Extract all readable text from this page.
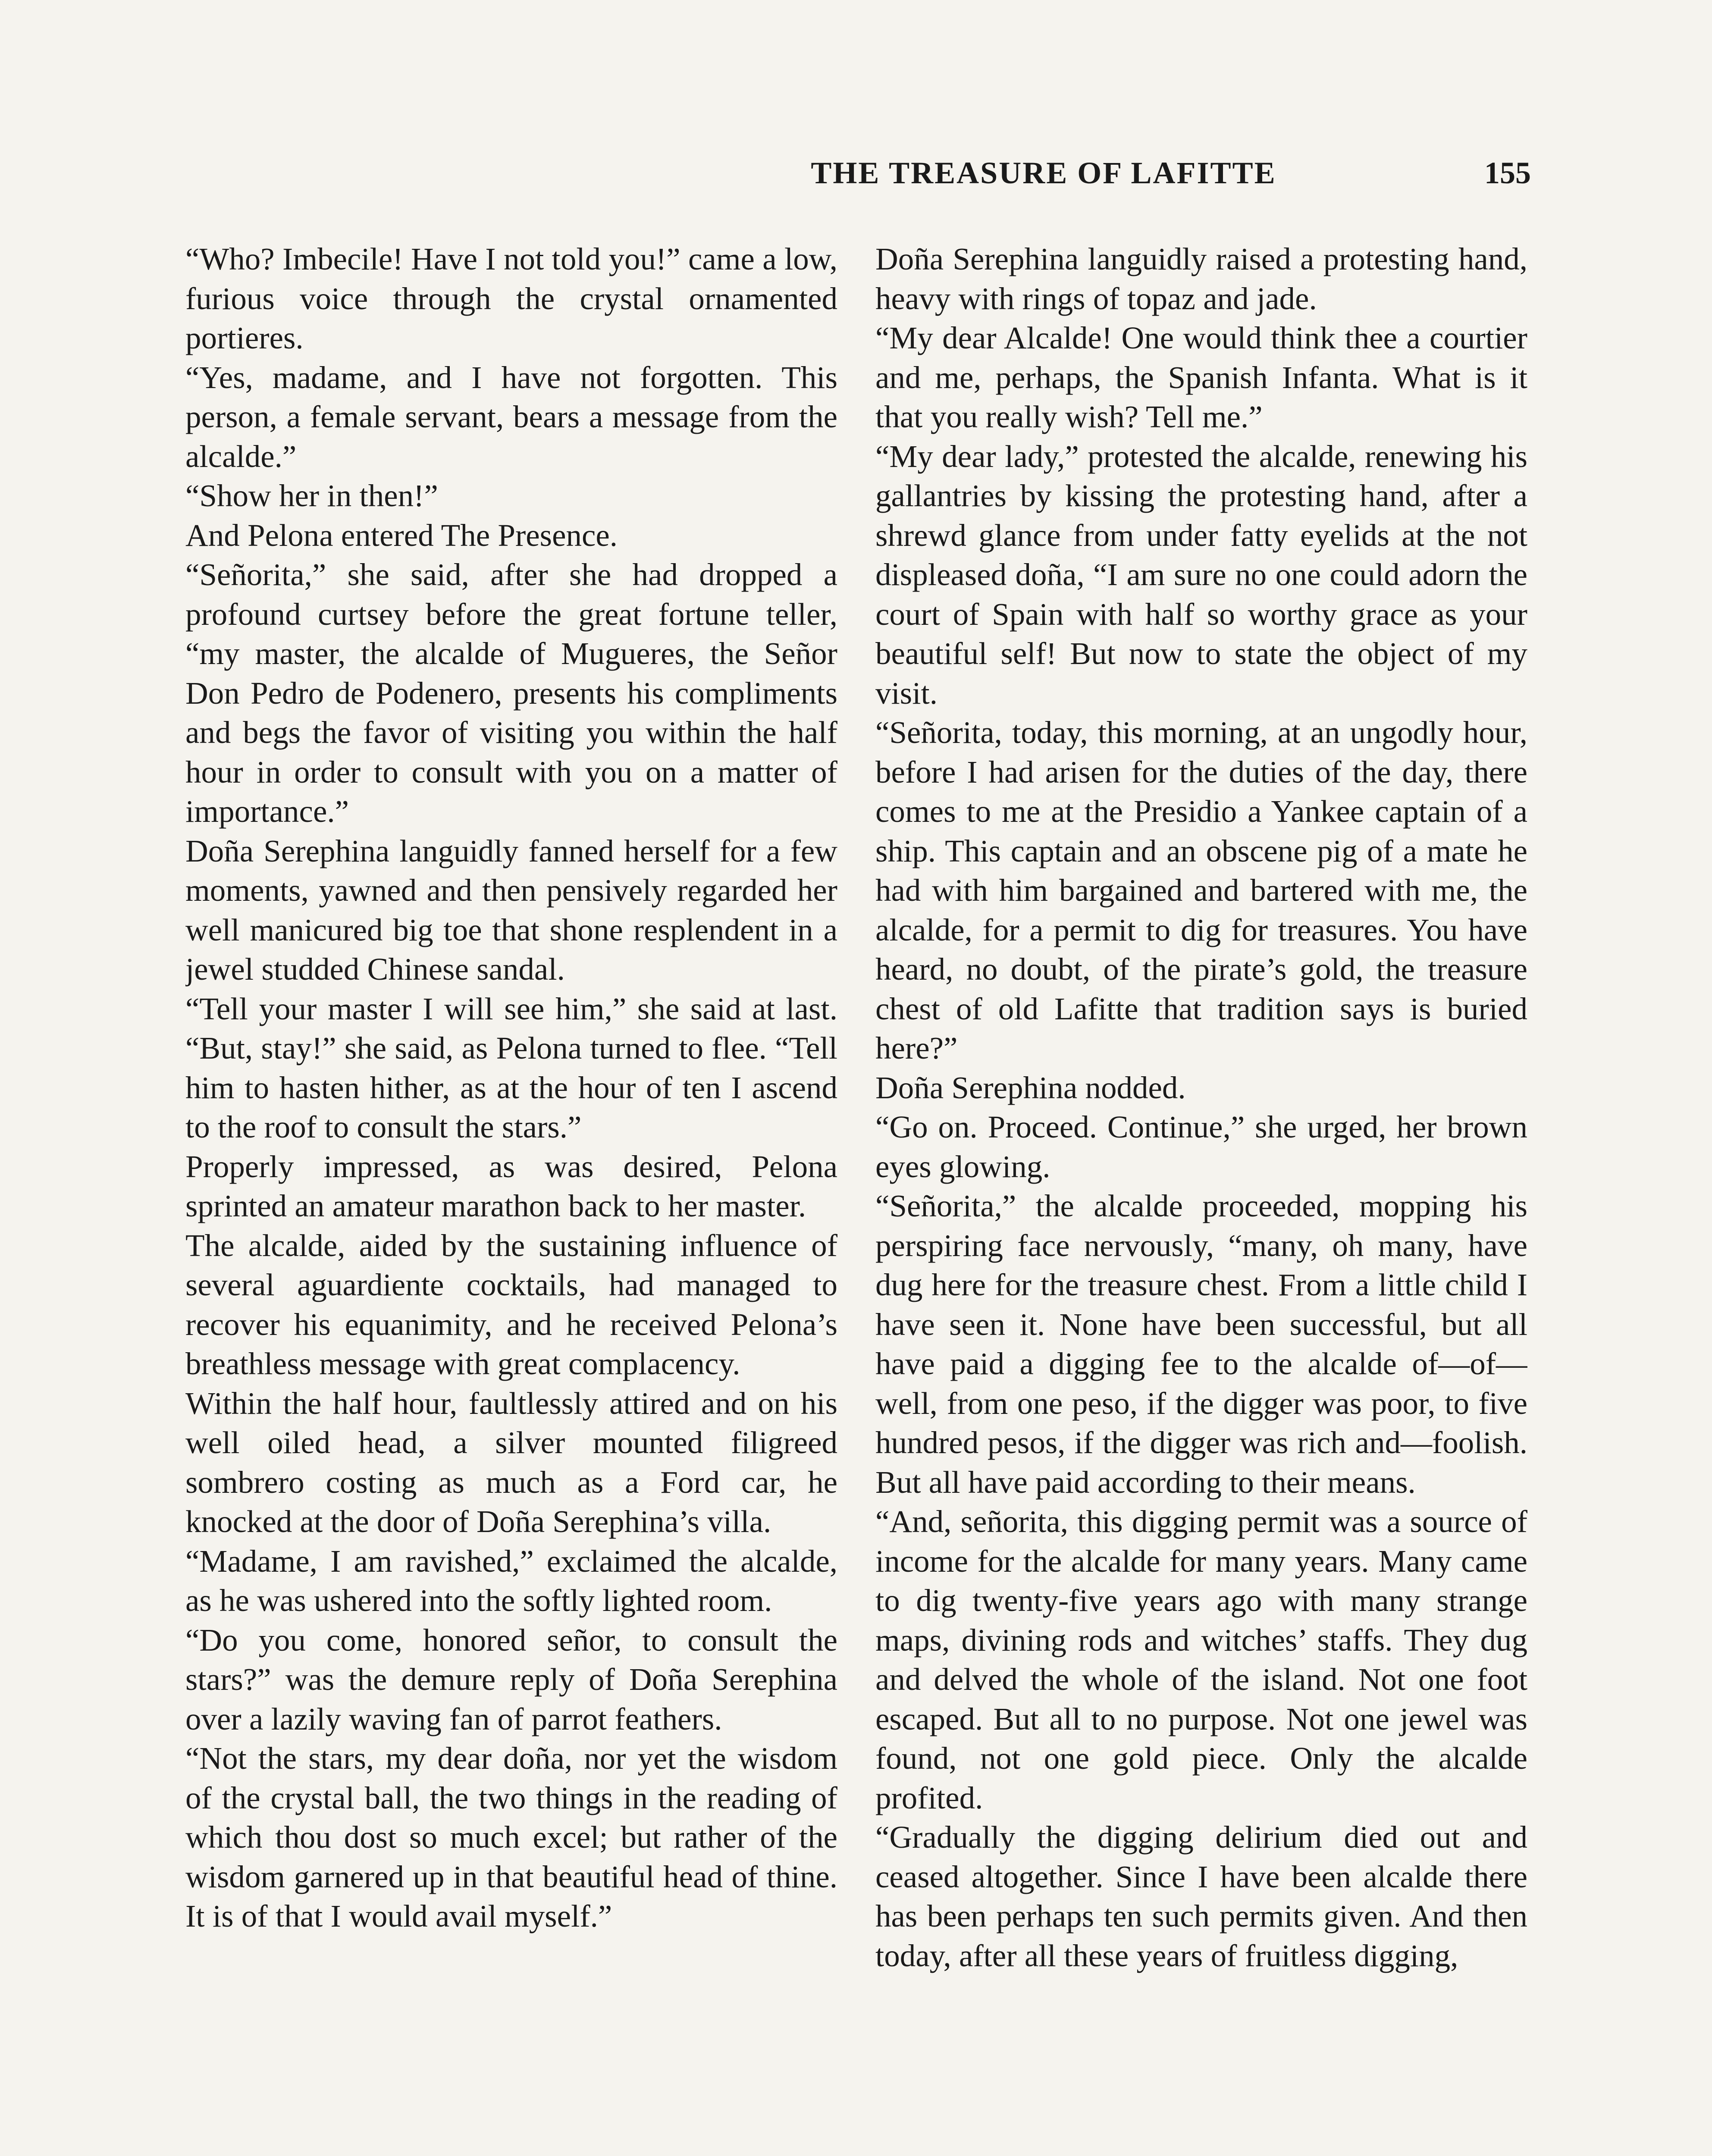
THE TREASURE OF LAFITTE	155

“Who? Imbecile! Have I not told you!” came a low, furious voice through the crystal ornamented portieres.

“Yes, madame, and I have not forgotten. This person, a female servant, bears a message from the alcalde.”

“Show her in then!”

And Pelona entered The Presence.

“Señorita,” she said, after she had dropped a profound curtsey before the great fortune teller, “my master, the alcalde of Mugueres, the Señor Don Pedro de Podenero, presents his compliments and begs the favor of visiting you within the half hour in order to consult with you on a matter of importance.”

Doña Serephina languidly fanned herself for a few moments, yawned and then pensively regarded her well manicured big toe that shone resplendent in a jewel studded Chinese sandal.

“Tell your master I will see him,” she said at last. “But, stay!” she said, as Pelona turned to flee. “Tell him to hasten hither, as at the hour of ten I ascend to the roof to consult the stars.”

Properly impressed, as was desired, Pelona sprinted an amateur marathon back to her master.

The alcalde, aided by the sustaining influence of several aguardiente cocktails, had managed to recover his equanimity, and he received Pelona’s breathless message with great complacency.

Within the half hour, faultlessly attired and on his well oiled head, a silver mounted filigreed sombrero costing as much as a Ford car, he knocked at the door of Doña Serephina’s villa.

“Madame, I am ravished,” exclaimed the alcalde, as he was ushered into the softly lighted room.

“Do you come, honored señor, to consult the stars?” was the demure reply of Doña Serephina over a lazily waving fan of parrot feathers.

“Not the stars, my dear doña, nor yet the wisdom of the crystal ball, the two things in the reading of which thou dost so much excel; but rather of the wisdom garnered up in that beautiful head of thine. It is of that I would avail myself.”

Doña Serephina languidly raised a protesting hand, heavy with rings of topaz and jade.

“My dear Alcalde! One would think thee a courtier and me, perhaps, the Spanish Infanta. What is it that you really wish? Tell me.”

“My dear lady,” protested the alcalde, renewing his gallantries by kissing the protesting hand, after a shrewd glance from under fatty eyelids at the not displeased doña, “I am sure no one could adorn the court of Spain with half so worthy grace as your beautiful self! But now to state the object of my visit.

“Señorita, today, this morning, at an ungodly hour, before I had arisen for the duties of the day, there comes to me at the Presidio a Yankee captain of a ship. This captain and an obscene pig of a mate he had with him bargained and bartered with me, the alcalde, for a permit to dig for treasures. You have heard, no doubt, of the pirate’s gold, the treasure chest of old Lafitte that tradition says is buried here?”

Doña Serephina nodded.

“Go on. Proceed. Continue,” she urged, her brown eyes glowing.

“Señorita,” the alcalde proceeded, mopping his perspiring face nervously, “many, oh many, have dug here for the treasure chest. From a little child I have seen it. None have been successful, but all have paid a digging fee to the alcalde of—of— well, from one peso, if the digger was poor, to five hundred pesos, if the digger was rich and—foolish. But all have paid according to their means.

“And, señorita, this digging permit was a source of income for the alcalde for many years. Many came to dig twenty-five years ago with many strange maps, divining rods and witches’ staffs. They dug and delved the whole of the island. Not one foot escaped. But all to no purpose. Not one jewel was found, not one gold piece. Only the alcalde profited.

“Gradually the digging delirium died out and ceased altogether. Since I have been alcalde there has been perhaps ten such permits given. And then today, after all these years of fruitless digging,
